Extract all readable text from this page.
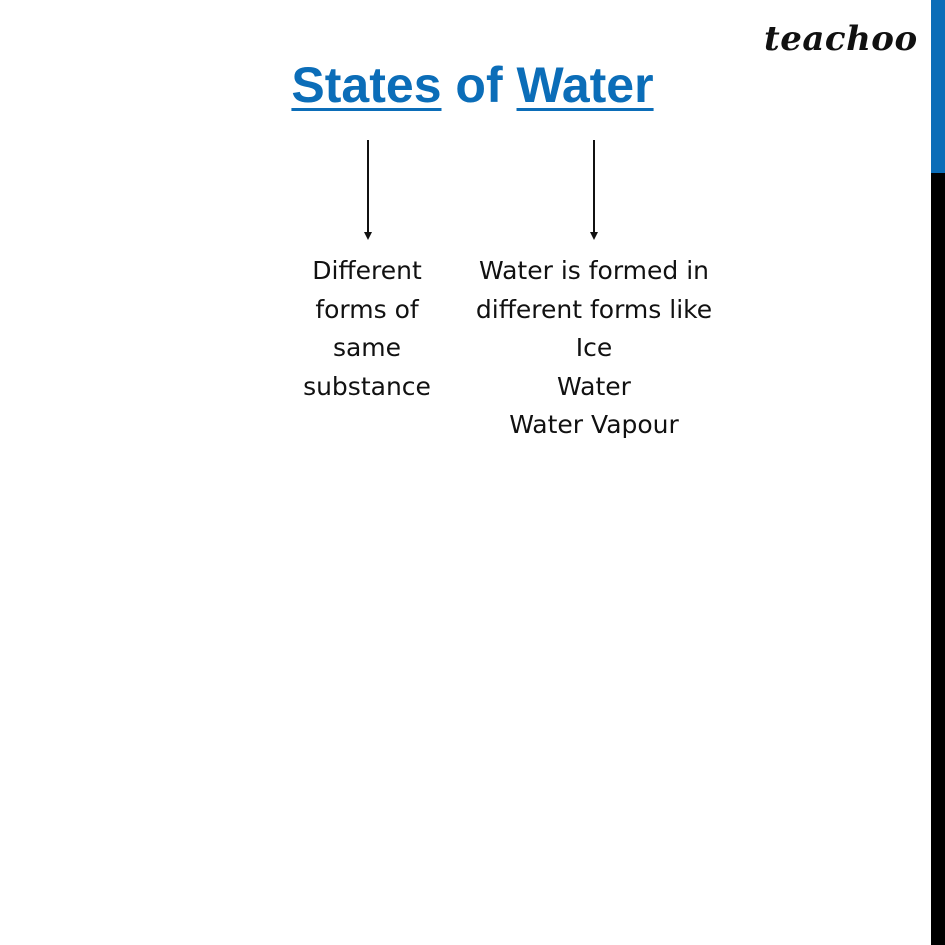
teachoo
States of Water
Different
forms of
same
substance
Water is formed in
different forms like
Ice
Water
Water Vapour
